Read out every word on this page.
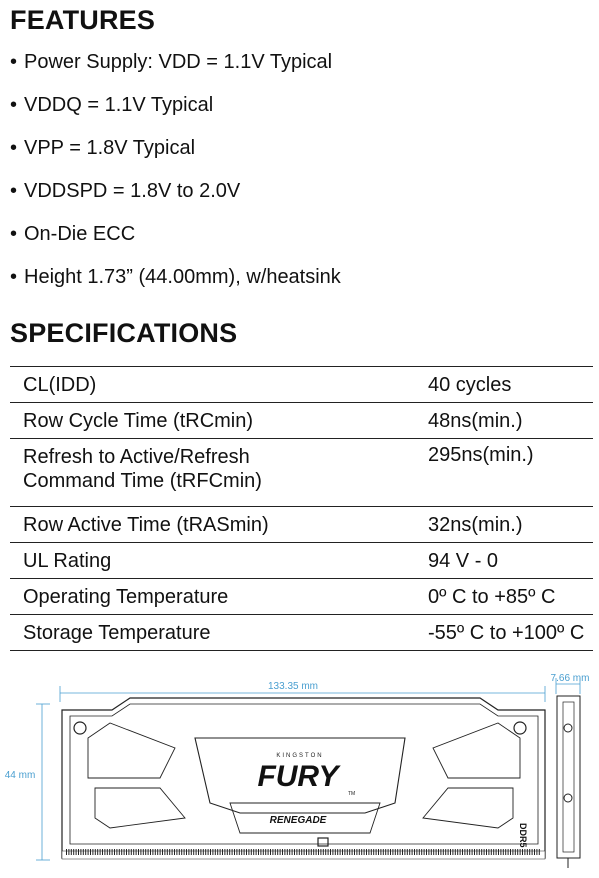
FEATURES
• Power Supply: VDD = 1.1V Typical
• VDDQ = 1.1V Typical
• VPP = 1.8V Typical
• VDDSPD = 1.8V to 2.0V
• On-Die ECC
• Height 1.73” (44.00mm), w/heatsink
SPECIFICATIONS
CL(IDD)	40 cycles
Row Cycle Time (tRCmin)	48ns(min.)

Refresh to Active/Refresh
Command Time (tRFCmin)	295ns(min.)
Row Active Time (tRASmin)	32ns(min.)
UL Rating	94 V - 0
Operating Temperature	0º C to +85º C
Storage Temperature	-55º C to +100º C
133.35 mm
7.66 mm
44 mm
KINGSTON
FURY
TM
RENEGADE
DDR5
